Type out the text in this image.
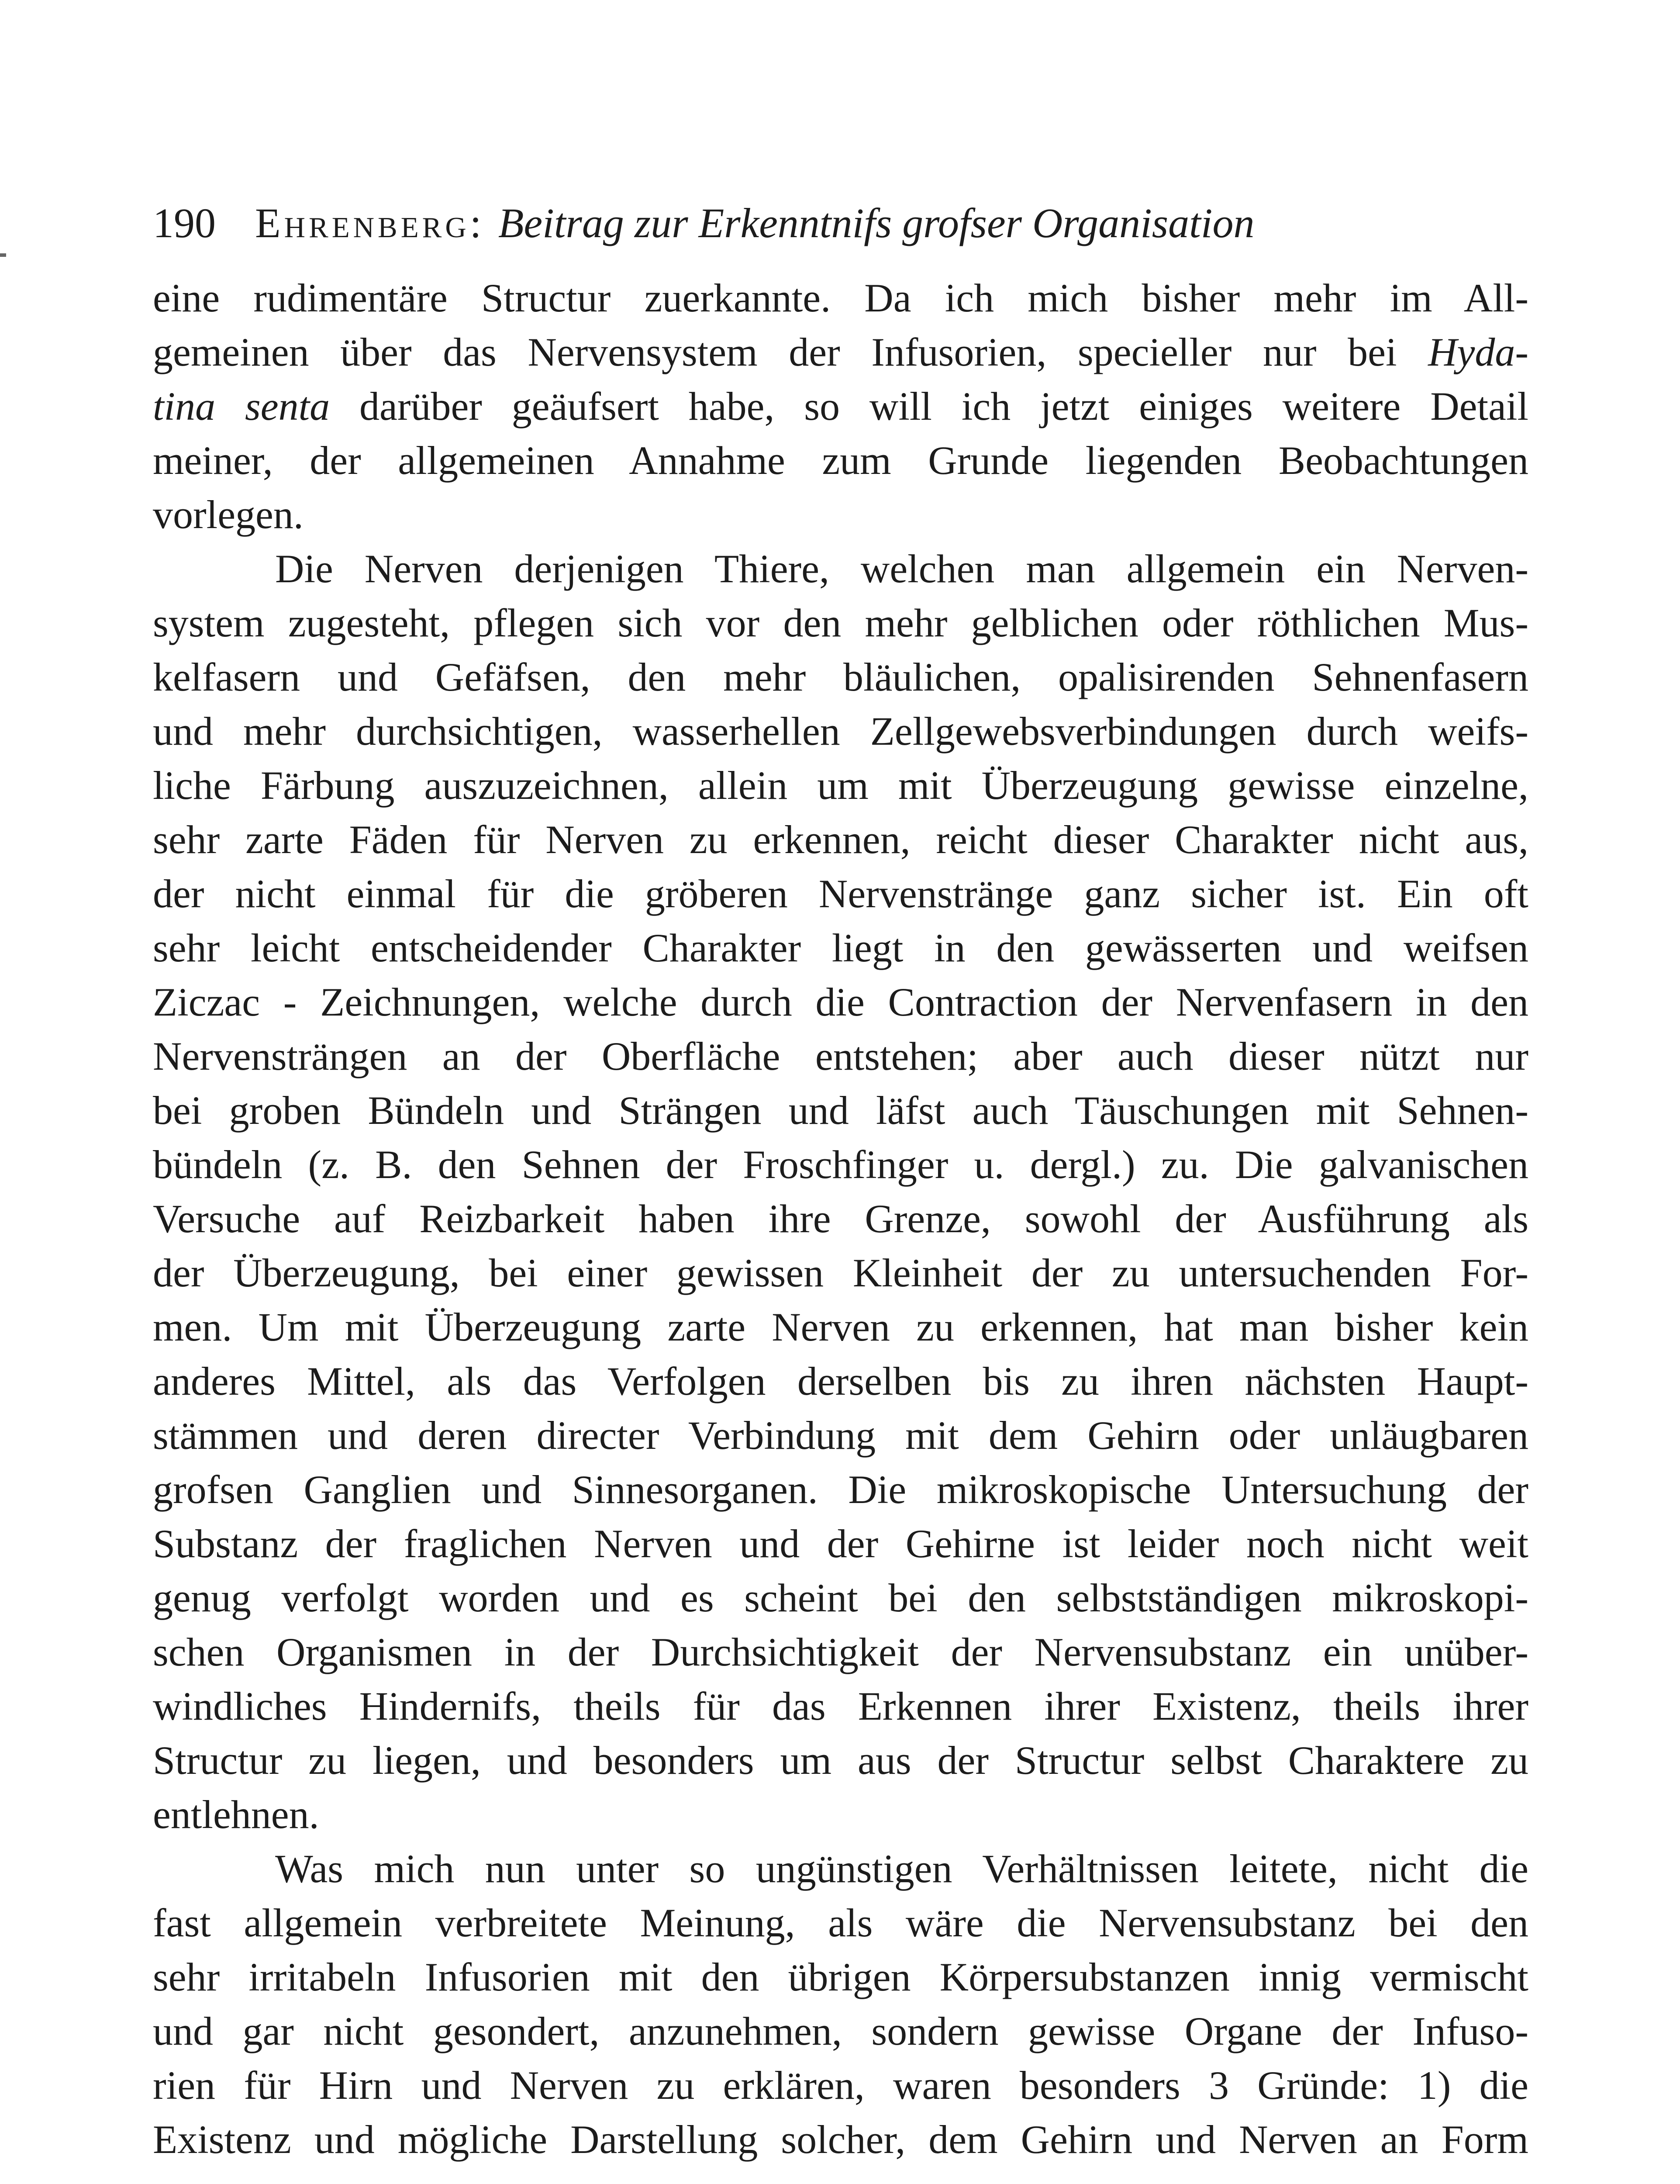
190 Ehrenberg: Beitrag zur Erkenntnifs grofser Organisation
eine rudimentäre Structur zuerkannte. Da ich mich bisher mehr im All-
gemeinen über das Nervensystem der Infusorien, specieller nur bei Hyda-
tina senta darüber geäufsert habe, so will ich jetzt einiges weitere Detail
meiner, der allgemeinen Annahme zum Grunde liegenden Beobachtungen
vorlegen.
Die Nerven derjenigen Thiere, welchen man allgemein ein Nerven-
system zugesteht, pflegen sich vor den mehr gelblichen oder röthlichen Mus-
kelfasern und Gefäfsen, den mehr bläulichen, opalisirenden Sehnenfasern
und mehr durchsichtigen, wasserhellen Zellgewebsverbindungen durch weifs-
liche Färbung auszuzeichnen, allein um mit Überzeugung gewisse einzelne,
sehr zarte Fäden für Nerven zu erkennen, reicht dieser Charakter nicht aus,
der nicht einmal für die gröberen Nervenstränge ganz sicher ist. Ein oft
sehr leicht entscheidender Charakter liegt in den gewässerten und weifsen
Ziczac - Zeichnungen, welche durch die Contraction der Nervenfasern in den
Nervensträngen an der Oberfläche entstehen; aber auch dieser nützt nur
bei groben Bündeln und Strängen und läfst auch Täuschungen mit Sehnen-
bündeln (z. B. den Sehnen der Froschfinger u. dergl.) zu. Die galvanischen
Versuche auf Reizbarkeit haben ihre Grenze, sowohl der Ausführung als
der Überzeugung, bei einer gewissen Kleinheit der zu untersuchenden For-
men. Um mit Überzeugung zarte Nerven zu erkennen, hat man bisher kein
anderes Mittel, als das Verfolgen derselben bis zu ihren nächsten Haupt-
stämmen und deren directer Verbindung mit dem Gehirn oder unläugbaren
grofsen Ganglien und Sinnesorganen. Die mikroskopische Untersuchung der
Substanz der fraglichen Nerven und der Gehirne ist leider noch nicht weit
genug verfolgt worden und es scheint bei den selbstständigen mikroskopi-
schen Organismen in der Durchsichtigkeit der Nervensubstanz ein unüber-
windliches Hindernifs, theils für das Erkennen ihrer Existenz, theils ihrer
Structur zu liegen, und besonders um aus der Structur selbst Charaktere zu
entlehnen.
Was mich nun unter so ungünstigen Verhältnissen leitete, nicht die
fast allgemein verbreitete Meinung, als wäre die Nervensubstanz bei den
sehr irritabeln Infusorien mit den übrigen Körpersubstanzen innig vermischt
und gar nicht gesondert, anzunehmen, sondern gewisse Organe der Infuso-
rien für Hirn und Nerven zu erklären, waren besonders 3 Gründe: 1) die
Existenz und mögliche Darstellung solcher, dem Gehirn und Nerven an Form
